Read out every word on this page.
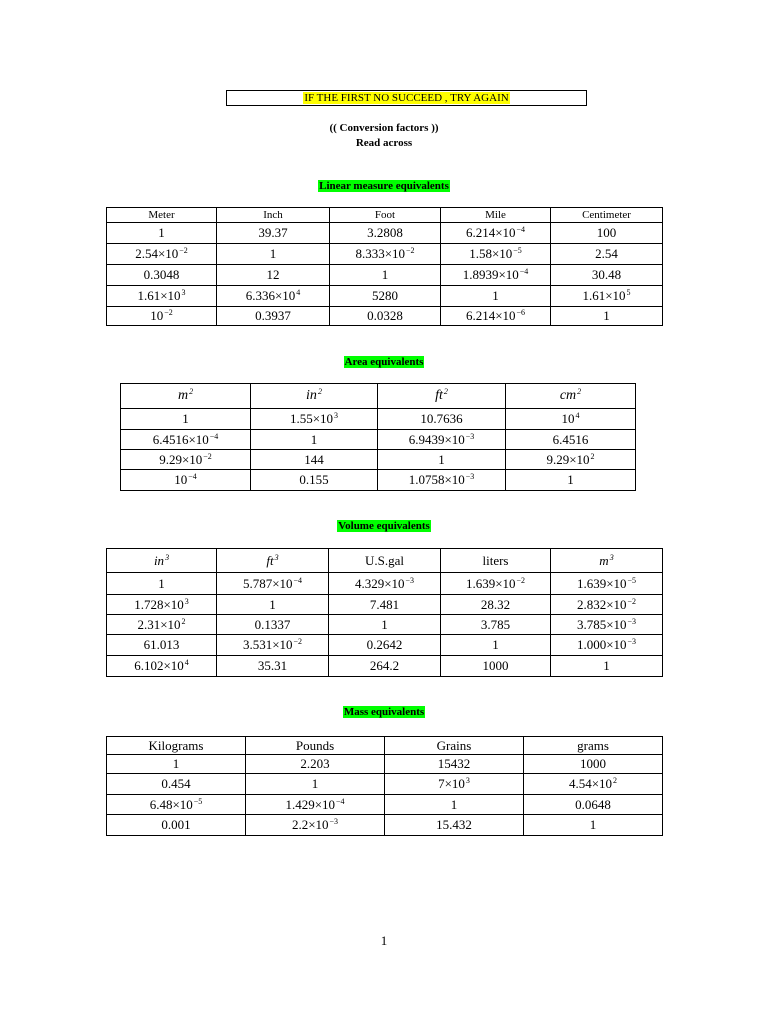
IF THE FIRST NO SUCCEED , TRY AGAIN
(( Conversion factors ))
Read across
Linear measure equivalents
Meter	Inch	Foot	Mile	Centimeter
1	39.37	3.2808	$6.214\times 10^{-4}$	100
$2.54\times 10^{-2}$	1	$8.333\times 10^{-2}$	$1.58\times 10^{-5}$	2.54
0.3048	12	1	$1.8939\times 10^{-4}$	30.48
$1.61\times 10^3$	$6.336\times 10^4$	5280	1	$1.61\times 10^5$
$10^{-2}$	0.3937	0.0328	$6.214\times 10^{-6}$	1
Area equivalents
$m^2$	$in^2$	$ft^2$	$cm^2$
1	$1.55\times 10^3$	10.7636	$10^4$
$6.4516\times 10^{-4}$	1	$6.9439\times 10^{-3}$	6.4516
$9.29\times 10^{-2}$	144	1	$9.29\times 10^2$
$10^{-4}$	0.155	$1.0758\times 10^{-3}$	1
Volume equivalents
$in^3$	$ft^3$	U.S.gal	liters	$m^3$
1	$5.787\times 10^{-4}$	$4.329\times 10^{-3}$	$1.639\times 10^{-2}$	$1.639\times 10^{-5}$
$1.728\times 10^3$	1	7.481	28.32	$2.832\times 10^{-2}$
$2.31\times 10^2$	0.1337	1	3.785	$3.785\times 10^{-3}$
61.013	$3.531\times 10^{-2}$	0.2642	1	$1.000\times 10^{-3}$
$6.102\times 10^4$	35.31	264.2	1000	1
Mass equivalents
Kilograms	Pounds	Grains	grams
1	2.203	15432	1000
0.454	1	$7\times 10^3$	$4.54\times 10^2$
$6.48\times 10^{-5}$	$1.429\times 10^{-4}$	1	0.0648
0.001	$2.2\times 10^{-3}$	15.432	1
1
